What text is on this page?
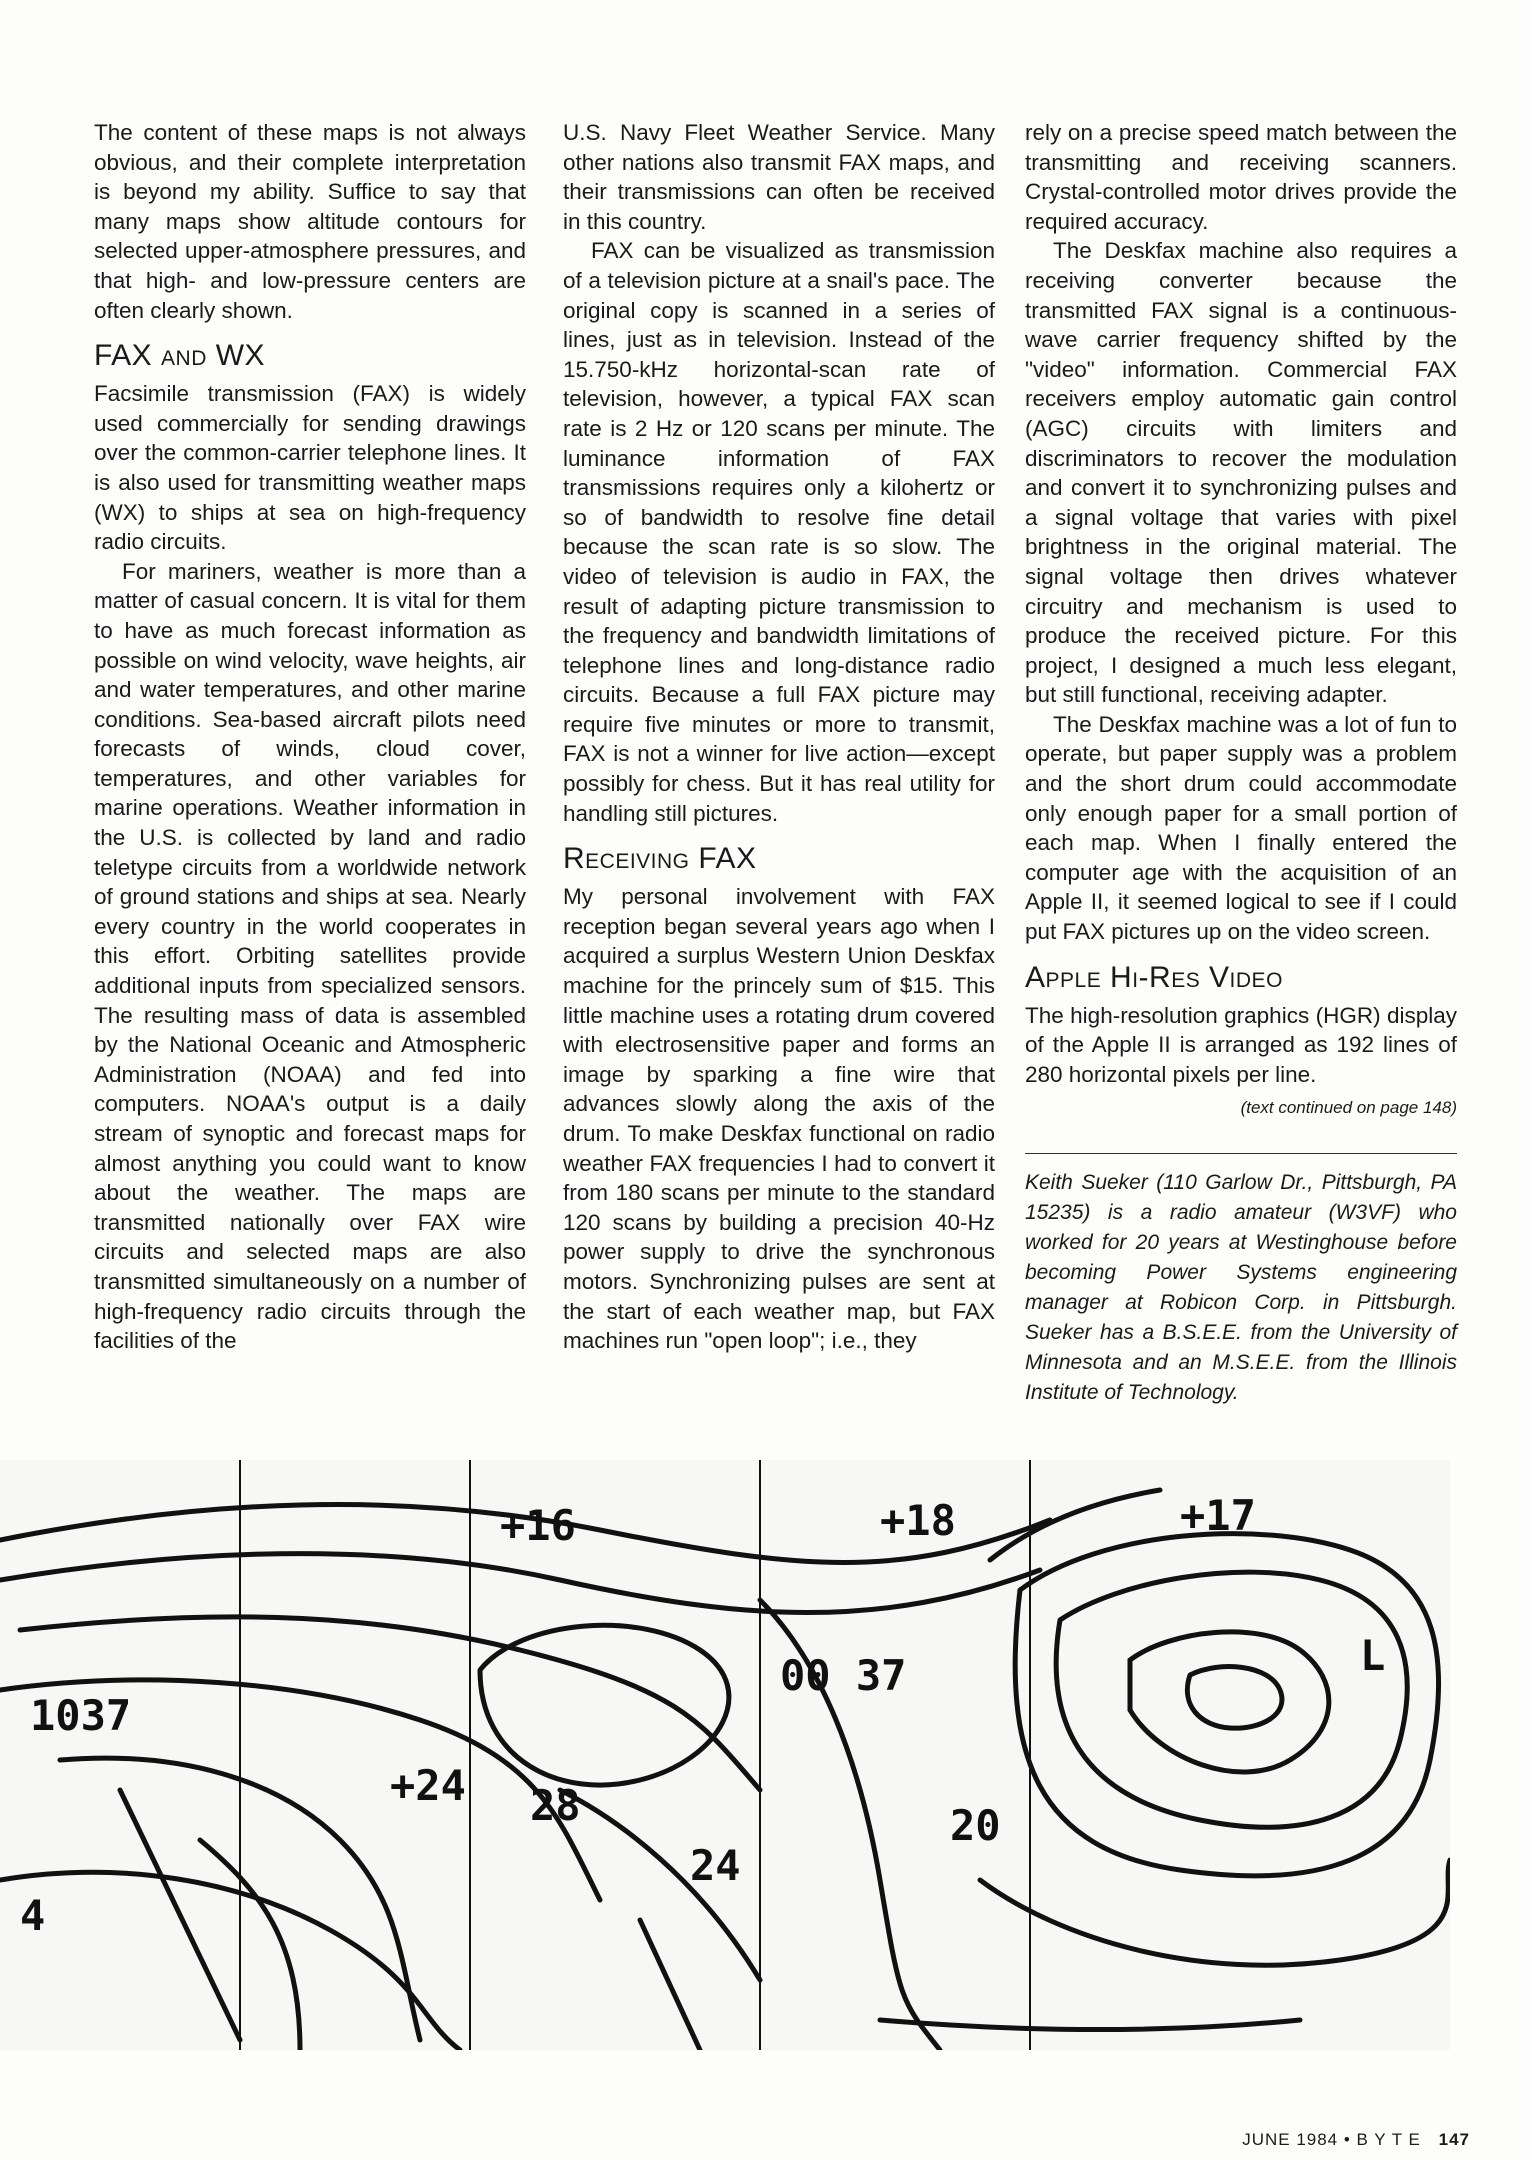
The content of these maps is not always obvious, and their complete interpretation is beyond my ability. Suffice to say that many maps show altitude contours for selected upper-atmosphere pressures, and that high- and low-pressure centers are often clearly shown.

FAX and WX

Facsimile transmission (FAX) is widely used commercially for sending drawings over the common-carrier telephone lines. It is also used for transmitting weather maps (WX) to ships at sea on high-frequency radio circuits.

For mariners, weather is more than a matter of casual concern. It is vital for them to have as much forecast information as possible on wind velocity, wave heights, air and water temperatures, and other marine conditions. Sea-based aircraft pilots need forecasts of winds, cloud cover, temperatures, and other variables for marine operations. Weather information in the U.S. is collected by land and radio teletype circuits from a worldwide network of ground stations and ships at sea. Nearly every country in the world cooperates in this effort. Orbiting satellites provide additional inputs from specialized sensors. The resulting mass of data is assembled by the National Oceanic and Atmospheric Administration (NOAA) and fed into computers. NOAA's output is a daily stream of synoptic and forecast maps for almost anything you could want to know about the weather. The maps are transmitted nationally over FAX wire circuits and selected maps are also transmitted simultaneously on a number of high-frequency radio circuits through the facilities of the

U.S. Navy Fleet Weather Service. Many other nations also transmit FAX maps, and their transmissions can often be received in this country.

FAX can be visualized as transmission of a television picture at a snail's pace. The original copy is scanned in a series of lines, just as in television. Instead of the 15.750-kHz horizontal-scan rate of television, however, a typical FAX scan rate is 2 Hz or 120 scans per minute. The luminance information of FAX transmissions requires only a kilohertz or so of bandwidth to resolve fine detail because the scan rate is so slow. The video of television is audio in FAX, the result of adapting picture transmission to the frequency and bandwidth limitations of telephone lines and long-distance radio circuits. Because a full FAX picture may require five minutes or more to transmit, FAX is not a winner for live action—except possibly for chess. But it has real utility for handling still pictures.

Receiving FAX

My personal involvement with FAX reception began several years ago when I acquired a surplus Western Union Deskfax machine for the princely sum of $15. This little machine uses a rotating drum covered with electrosensitive paper and forms an image by sparking a fine wire that advances slowly along the axis of the drum. To make Deskfax functional on radio weather FAX frequencies I had to convert it from 180 scans per minute to the standard 120 scans by building a precision 40-Hz power supply to drive the synchronous motors. Synchronizing pulses are sent at the start of each weather map, but FAX machines run "open loop"; i.e., they

rely on a precise speed match between the transmitting and receiving scanners. Crystal-controlled motor drives provide the required accuracy.

The Deskfax machine also requires a receiving converter because the transmitted FAX signal is a continuous-wave carrier frequency shifted by the "video" information. Commercial FAX receivers employ automatic gain control (AGC) circuits with limiters and discriminators to recover the modulation and convert it to synchronizing pulses and a signal voltage that varies with pixel brightness in the original material. The signal voltage then drives whatever circuitry and mechanism is used to produce the received picture. For this project, I designed a much less elegant, but still functional, receiving adapter.

The Deskfax machine was a lot of fun to operate, but paper supply was a problem and the short drum could accommodate only enough paper for a small portion of each map. When I finally entered the computer age with the acquisition of an Apple II, it seemed logical to see if I could put FAX pictures up on the video screen.

Apple Hi-Res Video

The high-resolution graphics (HGR) display of the Apple II is arranged as 192 lines of 280 horizontal pixels per line.

(text continued on page 148)
Keith Sueker (110 Garlow Dr., Pittsburgh, PA 15235) is a radio amateur (W3VF) who worked for 20 years at Westinghouse before becoming Power Systems engineering manager at Robicon Corp. in Pittsburgh. Sueker has a B.S.E.E. from the University of Minnesota and an M.S.E.E. from the Illinois Institute of Technology.
+16	+18	+17
00 37
1037
+24 28
24
20
4
L
JUNE 1984 • B Y T E 147
